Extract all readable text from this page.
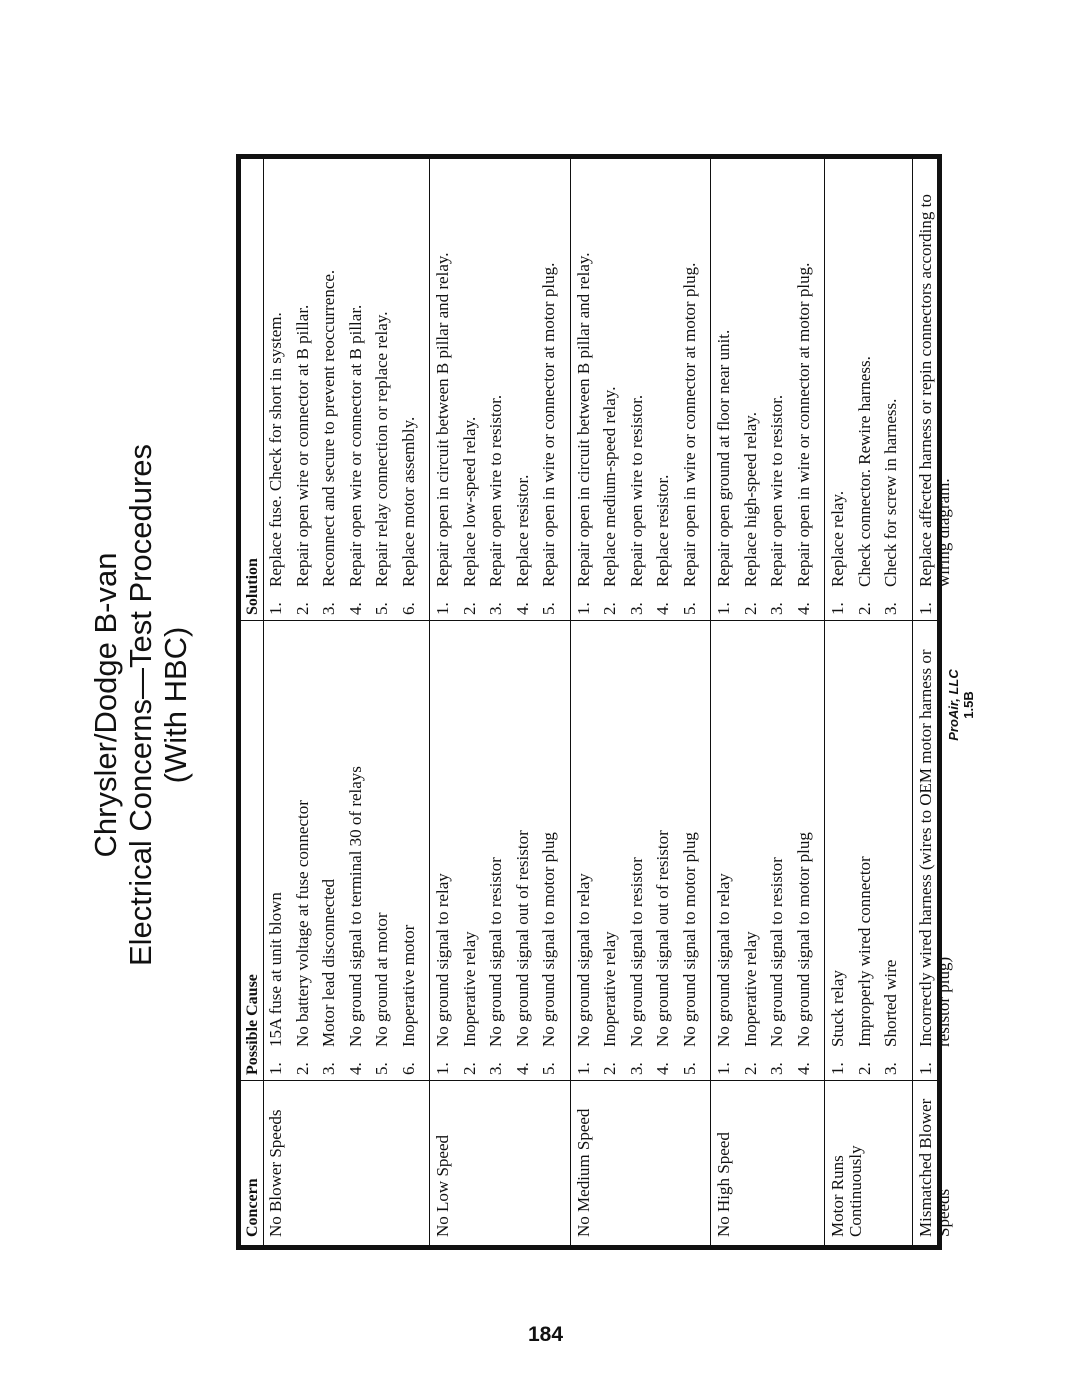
Chrysler/Dodge B-van Electrical Concerns—Test Procedures (With HBC)
Concern
Possible Cause
Solution
No Blower Speeds
1.
15A fuse at unit blown
2.
No battery voltage at fuse connector
3.
Motor lead disconnected
4.
No ground signal to terminal 30 of relays
5.
No ground at motor
6.
Inoperative motor
1.
Replace fuse. Check for short in system.
2.
Repair open wire or connector at B pillar.
3.
Reconnect and secure to prevent reoccurrence.
4.
Repair open wire or connector at B pillar.
5.
Repair relay connection or replace relay.
6.
Replace motor assembly.
No Low Speed
1.
No ground signal to relay
2.
Inoperative relay
3.
No ground signal to resistor
4.
No ground signal out of resistor
5.
No ground signal to motor plug
1.
Repair open in circuit between B pillar and relay.
2.
Replace low-speed relay.
3.
Repair open wire to resistor.
4.
Replace resistor.
5.
Repair open in wire or connector at motor plug.
No Medium Speed
1.
No ground signal to relay
2.
Inoperative relay
3.
No ground signal to resistor
4.
No ground signal out of resistor
5.
No ground signal to motor plug
1.
Repair open in circuit between B pillar and relay.
2.
Replace medium-speed relay.
3.
Repair open wire to resistor.
4.
Replace resistor.
5.
Repair open in wire or connector at motor plug.
No High Speed
1.
No ground signal to relay
2.
Inoperative relay
3.
No ground signal to resistor
4.
No ground signal to motor plug
1.
Repair open ground at floor near unit.
2.
Replace high-speed relay.
3.
Repair open wire to resistor.
4.
Repair open in wire or connector at motor plug.
Motor Runs Continuously
1.
Stuck relay
2.
Improperly wired connector
3.
Shorted wire
1.
Replace relay.
2.
Check connector. Rewire harness.
3.
Check for screw in harness.
Mismatched Blower Speeds
1.
Incorrectly wired harness (wires to OEM motor harness or resistor plug)
1.
Replace affected harness or repin connectors according to wiring diagram.
ProAir, LLC 1.5B
184
